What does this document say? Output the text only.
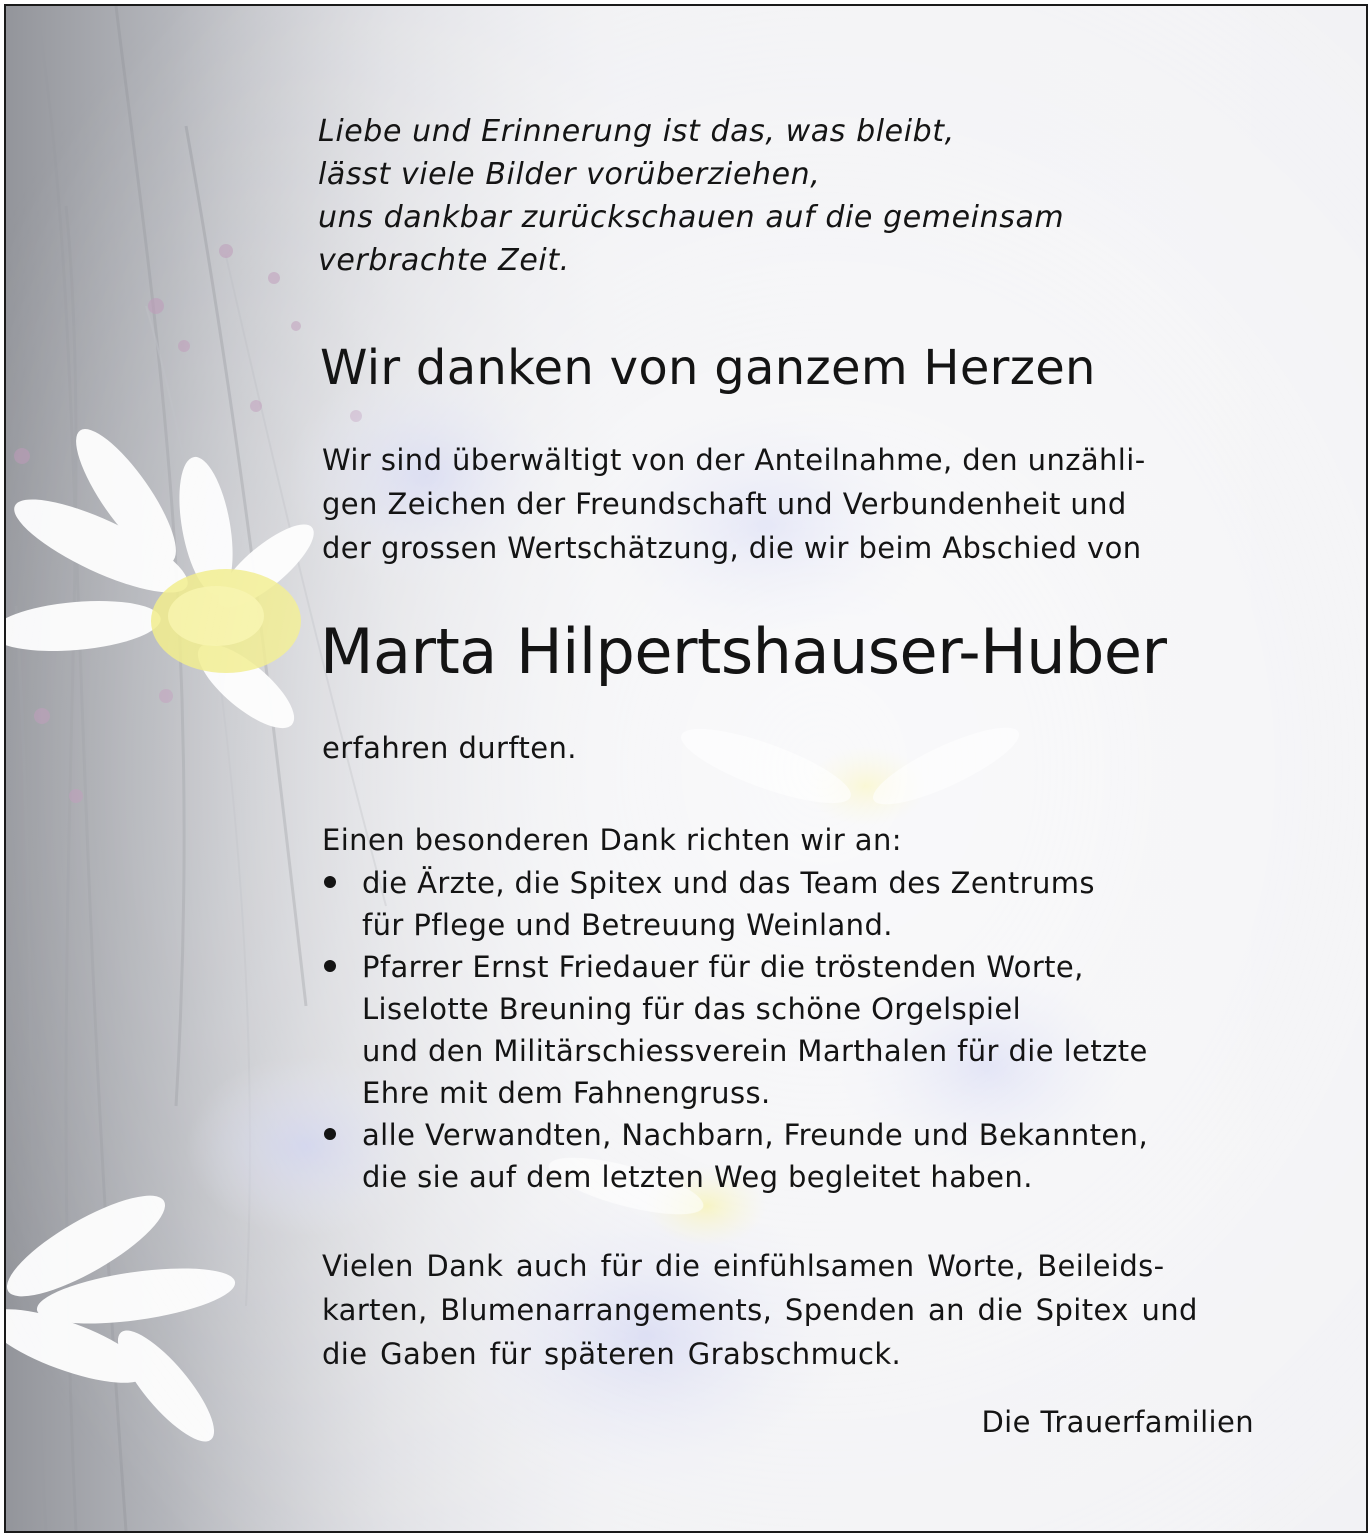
Liebe und Erinnerung ist das, was bleibt,
lässt viele Bilder vorüberziehen,
uns dankbar zurückschauen auf die gemeinsam
verbrachte Zeit.
Wir danken von ganzem Herzen
Wir sind überwältigt von der Anteilnahme, den unzähli-
gen Zeichen der Freundschaft und Verbundenheit und
der grossen Wertschätzung, die wir beim Abschied von
Marta Hilpertshauser-Huber
erfahren durften.
Einen besonderen Dank richten wir an:
die Ärzte, die Spitex und das Team des Zentrums
für Pflege und Betreuung Weinland.
Pfarrer Ernst Friedauer für die tröstenden Worte,
Liselotte Breuning für das schöne Orgelspiel
und den Militärschiessverein Marthalen für die letzte
Ehre mit dem Fahnengruss.
alle Verwandten, Nachbarn, Freunde und Bekannten,
die sie auf dem letzten Weg begleitet haben.
Vielen Dank auch für die einfühlsamen Worte, Beileids-
karten, Blumenarrangements, Spenden an die Spitex und
die Gaben für späteren Grabschmuck.
Die Trauerfamilien
